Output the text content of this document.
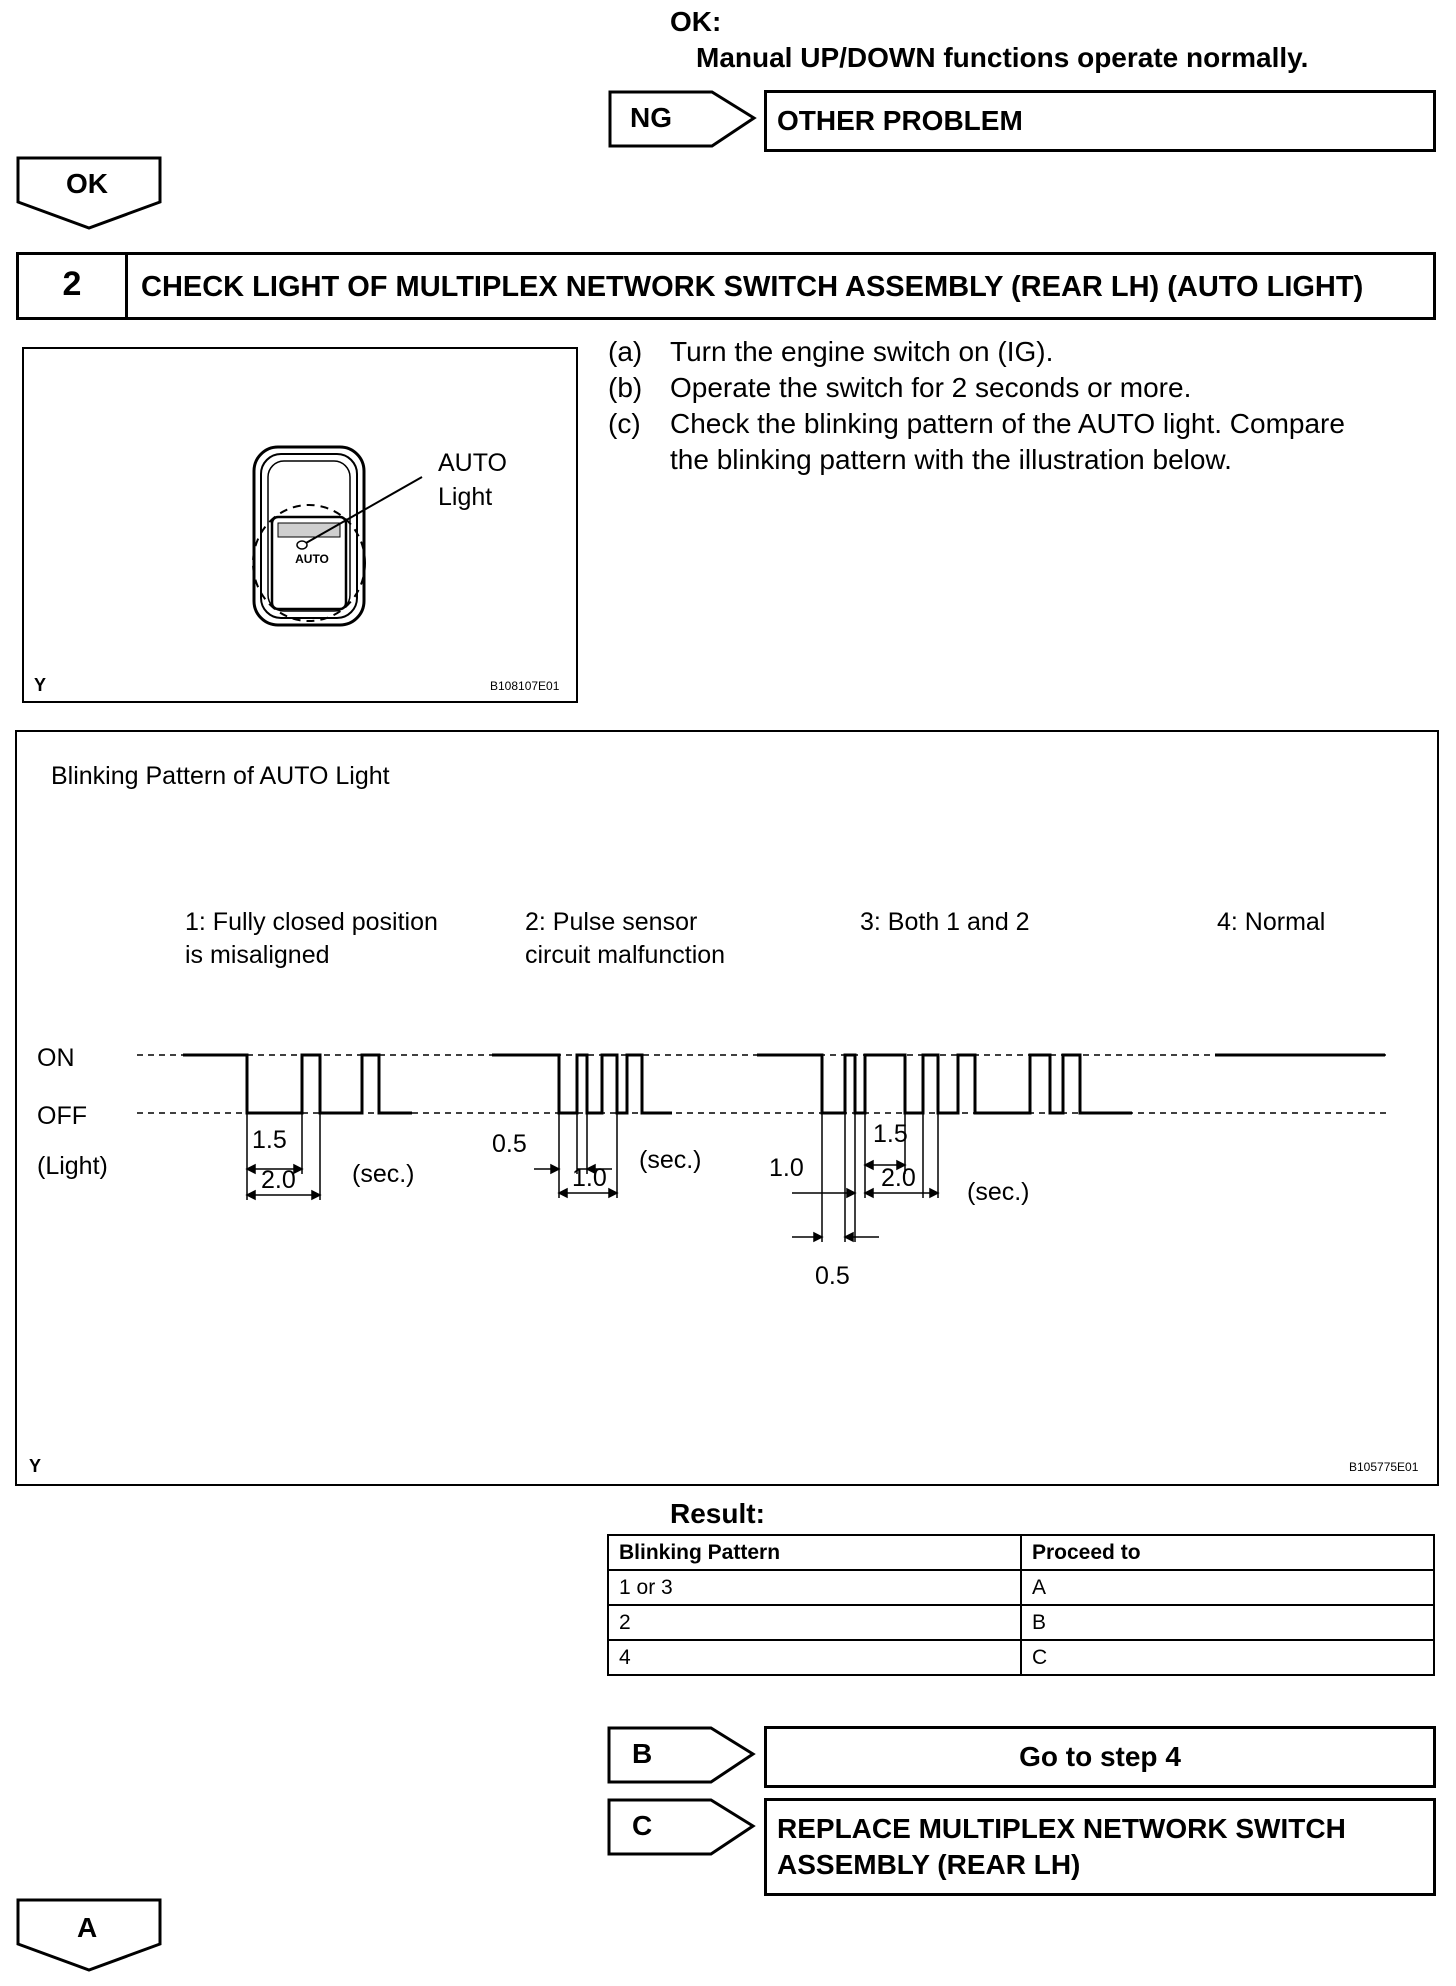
OK:
Manual UP/DOWN functions operate normally.
NG	OTHER PROBLEM
OK
2	CHECK LIGHT OF MULTIPLEX NETWORK SWITCH ASSEMBLY (REAR LH) (AUTO LIGHT)
AUTO
AUTO
Light
Y	B108107E01
(a) Turn the engine switch on (IG).
(b) Operate the switch for 2 seconds or more.
(c) Check the blinking pattern of the AUTO light. Compare
the blinking pattern with the illustration below.
Blinking Pattern of AUTO Light
1: Fully closed position
is misaligned
2: Pulse sensor
circuit malfunction
3: Both 1 and 2	4: Normal
ON
OFF
(Light)
1.5
2.0 (sec.)
0.5
1.0
(sec.)	1.0
0.5
1.5
2.0 (sec.)
Y	B105775E01
Result:
Blinking Pattern	Proceed to
1 or 3	A
2	B
4	C
B	Go to step 4
C	REPLACE MULTIPLEX NETWORK SWITCH
ASSEMBLY (REAR LH)
A
